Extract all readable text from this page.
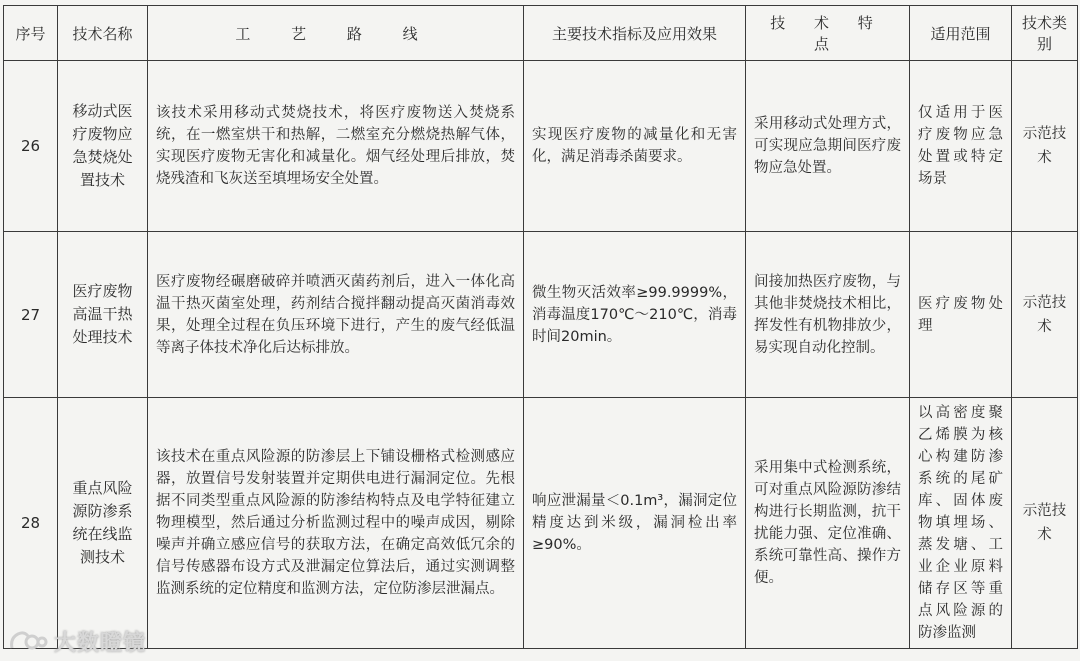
序号	技术名称	工 艺 路 线	主要技术指标及应用效果	技 术 特 点	适用范围	技术类别
26	移动式医疗废物应急焚烧处置技术	该技术采用移动式焚烧技术，将医疗废物送入焚烧系统，在一燃室烘干和热解，二燃室充分燃烧热解气体，实现医疗废物无害化和减量化。烟气经处理后排放，焚烧残渣和飞灰送至填埋场安全处置。	实现医疗废物的减量化和无害化，满足消毒杀菌要求。	采用移动式处理方式，可实现应急期间医疗废物应急处置。	仅适用于医疗废物应急处置或特定场景	示范技术
27	医疗废物高温干热处理技术	医疗废物经碾磨破碎并喷洒灭菌药剂后，进入一体化高温干热灭菌室处理，药剂结合搅拌翻动提高灭菌消毒效果，处理全过程在负压环境下进行，产生的废气经低温等离子体技术净化后达标排放。	微生物灭活效率≥99.9999%，消毒温度170℃～210℃，消毒时间20min。	间接加热医疗废物，与其他非焚烧技术相比，挥发性有机物排放少，易实现自动化控制。	医疗废物处理	示范技术
28	重点风险源防渗系统在线监测技术	该技术在重点风险源的防渗层上下铺设栅格式检测感应器，放置信号发射装置并定期供电进行漏洞定位。先根据不同类型重点风险源的防渗结构特点及电学特征建立物理模型，然后通过分析监测过程中的噪声成因，剔除噪声并确立感应信号的获取方法，在确定高效低冗余的信号传感器布设方式及泄漏定位算法后，通过实测调整监测系统的定位精度和监测方法，定位防渗层泄漏点。	响应泄漏量＜0.1m³，漏洞定位精度达到米级，漏洞检出率≥90%。	采用集中式检测系统，可对重点风险源防渗结构进行长期监测，抗干扰能力强、定位准确、系统可靠性高、操作方便。	以高密度聚乙烯膜为核心构建防渗系统的尾矿库、固体废物填埋场、蒸发塘、工业企业原料储存区等重点风险源的防渗监测	示范技术
大数瞪镜
